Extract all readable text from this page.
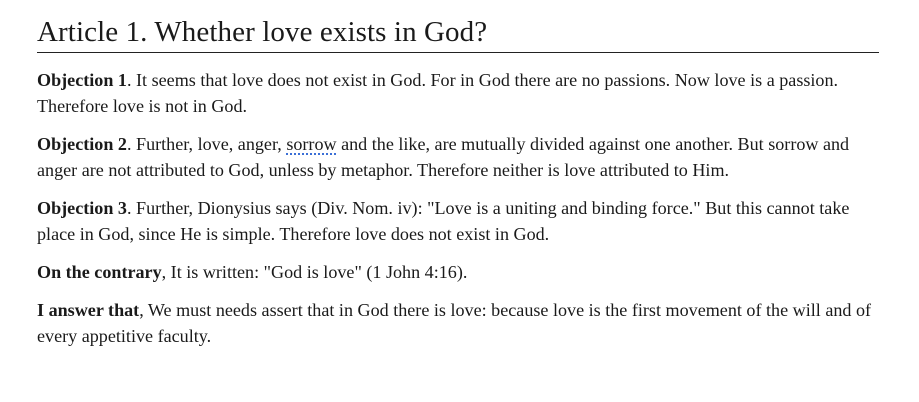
Article 1. Whether love exists in God?

Objection 1. It seems that love does not exist in God. For in God there are no passions. Now love is a passion. Therefore love is not in God.

Objection 2. Further, love, anger, sorrow and the like, are mutually divided against one another. But sorrow and anger are not attributed to God, unless by metaphor. Therefore neither is love attributed to Him.

Objection 3. Further, Dionysius says (Div. Nom. iv): "Love is a uniting and binding force." But this cannot take place in God, since He is simple. Therefore love does not exist in God.

On the contrary, It is written: "God is love" (1 John 4:16).

I answer that, We must needs assert that in God there is love: because love is the first movement of the will and of every appetitive faculty.
